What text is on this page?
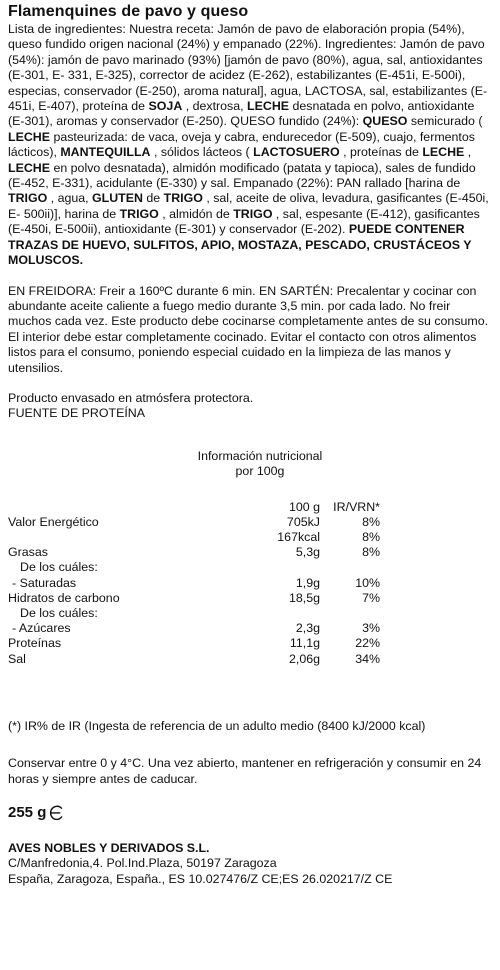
Flamenquines de pavo y queso

Lista de ingredientes: Nuestra receta: Jamón de pavo de elaboración propia (54%), queso fundido origen nacional (24%) y empanado (22%). Ingredientes: Jamón de pavo (54%): jamón de pavo marinado (93%) [jamón de pavo (80%), agua, sal, antioxidantes (E-301, E- 331, E-325), corrector de acidez (E-262), estabilizantes (E-451i, E-500i), especias, conservador (E-250), aroma natural], agua, LACTOSA, sal, estabilizantes (E-451i, E-407), proteína de SOJA , dextrosa, LECHE desnatada en polvo, antioxidante (E-301), aromas y conservador (E-250). QUESO fundido (24%): QUESO semicurado ( LECHE pasteurizada: de vaca, oveja y cabra, endurecedor (E-509), cuajo, fermentos lácticos), MANTEQUILLA , sólidos lácteos ( LACTOSUERO , proteínas de LECHE , LECHE en polvo desnatada), almidón modificado (patata y tapioca), sales de fundido (E-452, E-331), acidulante (E-330) y sal. Empanado (22%): PAN rallado [harina de TRIGO , agua, GLUTEN de TRIGO , sal, aceite de oliva, levadura, gasificantes (E-450i, E- 500ii)], harina de TRIGO , almidón de TRIGO , sal, espesante (E-412), gasificantes (E-450i, E-500ii), antioxidante (E-301) y conservador (E-202). PUEDE CONTENER TRAZAS DE HUEVO, SULFITOS, APIO, MOSTAZA, PESCADO, CRUSTÁCEOS Y MOLUSCOS.

EN FREIDORA: Freir a 160ºC durante 6 min. EN SARTÉN: Precalentar y cocinar con abundante aceite caliente a fuego medio durante 3,5 min. por cada lado. No freir muchos cada vez. Este producto debe cocinarse completamente antes de su consumo. El interior debe estar completamente cocinado. Evitar el contacto con otros alimentos listos para el consumo, poniendo especial cuidado en la limpieza de las manos y utensilios.

Producto envasado en atmósfera protectora.

FUENTE DE PROTEÍNA

Información nutricional
por 100g
	100 g	IR/VRN*
Valor Energético	705kJ	8%
	167kcal	8%
Grasas	5,3g	8%
De los cuáles:		
- Saturadas	1,9g	10%
Hidratos de carbono	18,5g	7%
De los cuáles:		
- Azúcares	2,3g	3%
Proteínas	11,1g	22%
Sal	2,06g	34%

(*) IR% de IR (Ingesta de referencia de un adulto medio (8400 kJ/2000 kcal)

Conservar entre 0 y 4°C. Una vez abierto, mantener en refrigeración y consumir en 24 horas y siempre antes de caducar.

255 g

AVES NOBLES Y DERIVADOS S.L.

C/Manfredonia,4. Pol.Ind.Plaza, 50197 Zaragoza

España, Zaragoza, España., ES 10.027476/Z CE;ES 26.020217/Z CE
